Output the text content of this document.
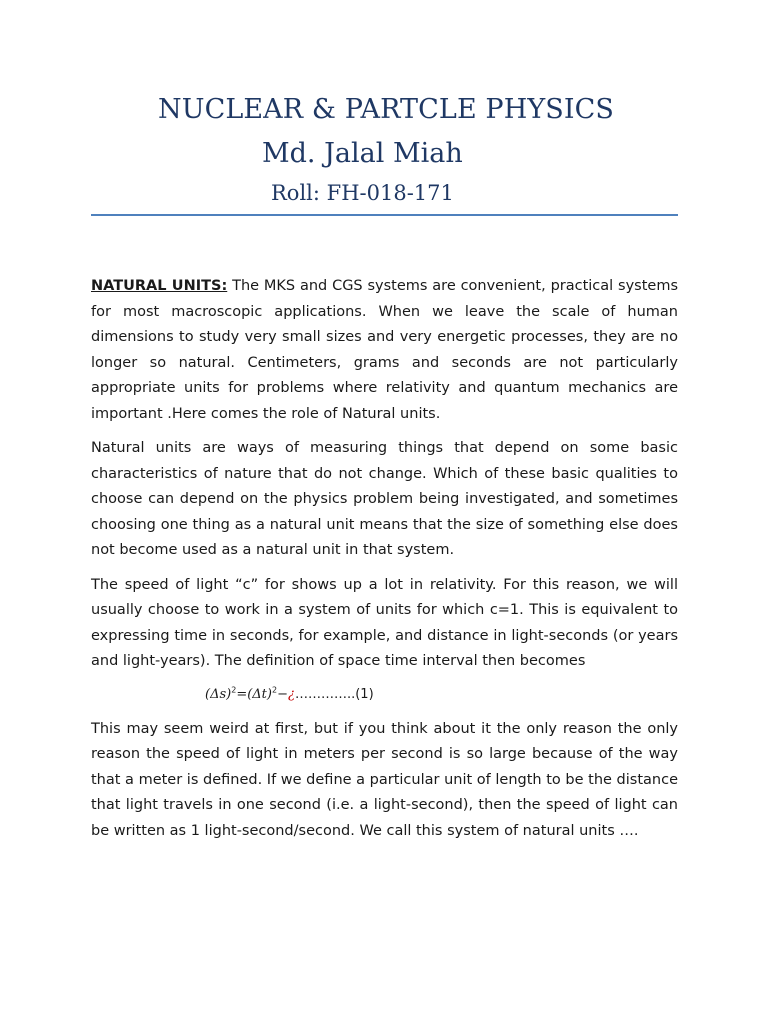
NUCLEAR & PARTCLE PHYSICS
Md. Jalal Miah
Roll: FH-018-171

NATURAL UNITS: The MKS and CGS systems are convenient, practical systems for most macroscopic applications. When we leave the scale of human dimensions to study very small sizes and very energetic processes, they are no longer so natural. Centimeters, grams and seconds are not particularly appropriate units for problems where relativity and quantum mechanics are important .Here comes the role of Natural units.

Natural units are ways of measuring things that depend on some basic characteristics of nature that do not change. Which of these basic qualities to choose can depend on the physics problem being investigated, and sometimes choosing one thing as a natural unit means that the size of something else does not become used as a natural unit in that system.

The speed of light “c” for shows up a lot in relativity. For this reason, we will usually choose to work in a system of units for which c=1. This is equivalent to expressing time in seconds, for example, and distance in light-seconds (or years and light-years). The definition of space time interval then becomes

$(\Delta s)^2=(\Delta t)^2-¿\dots\dots\dots\dots..(1)$

This may seem weird at first, but if you think about it the only reason the only reason the speed of light in meters per second is so large because of the way that a meter is defined. If we define a particular unit of length to be the distance that light travels in one second (i.e. a light-second), then the speed of light can be written as 1 light-second/second. We call this system of natural units ….
